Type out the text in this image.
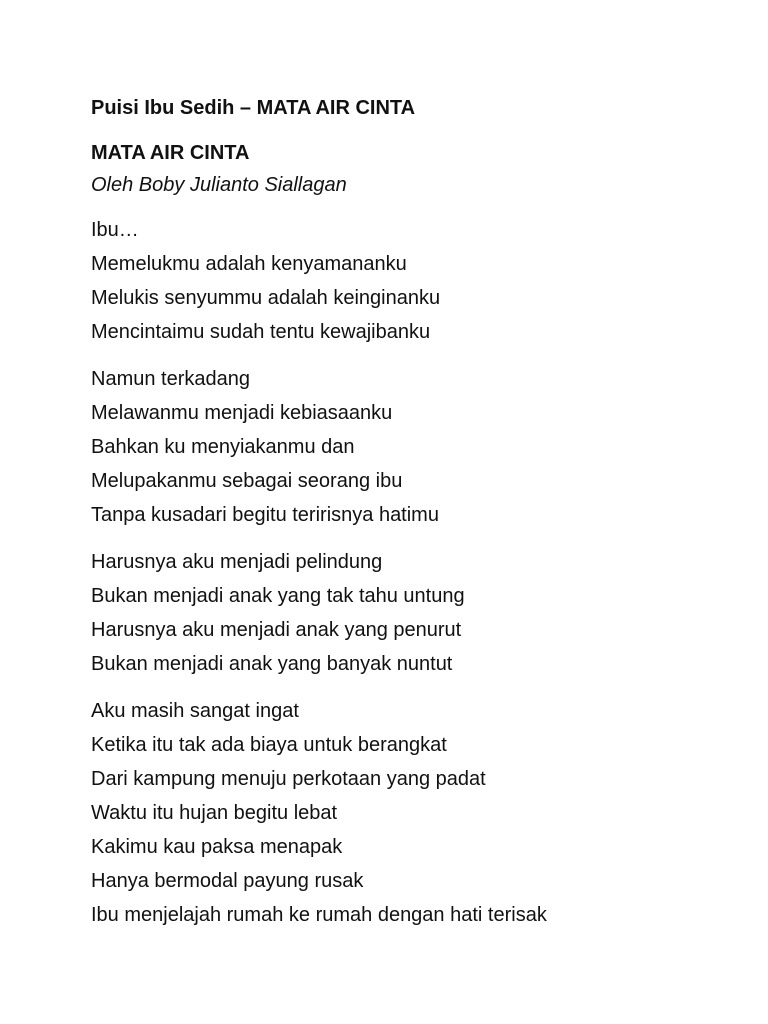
Puisi Ibu Sedih – MATA AIR CINTA
MATA AIR CINTA
Oleh Boby Julianto Siallagan
Ibu…
Memelukmu adalah kenyamananku
Melukis senyummu adalah keinginanku
Mencintaimu sudah tentu kewajibanku
Namun terkadang
Melawanmu menjadi kebiasaanku
Bahkan ku menyiakanmu dan
Melupakanmu sebagai seorang ibu
Tanpa kusadari begitu teririsnya hatimu
Harusnya aku menjadi pelindung
Bukan menjadi anak yang tak tahu untung
Harusnya aku menjadi anak yang penurut
Bukan menjadi anak yang banyak nuntut
Aku masih sangat ingat
Ketika itu tak ada biaya untuk berangkat
Dari kampung menuju perkotaan yang padat
Waktu itu hujan begitu lebat
Kakimu kau paksa menapak
Hanya bermodal payung rusak
Ibu menjelajah rumah ke rumah dengan hati terisak
